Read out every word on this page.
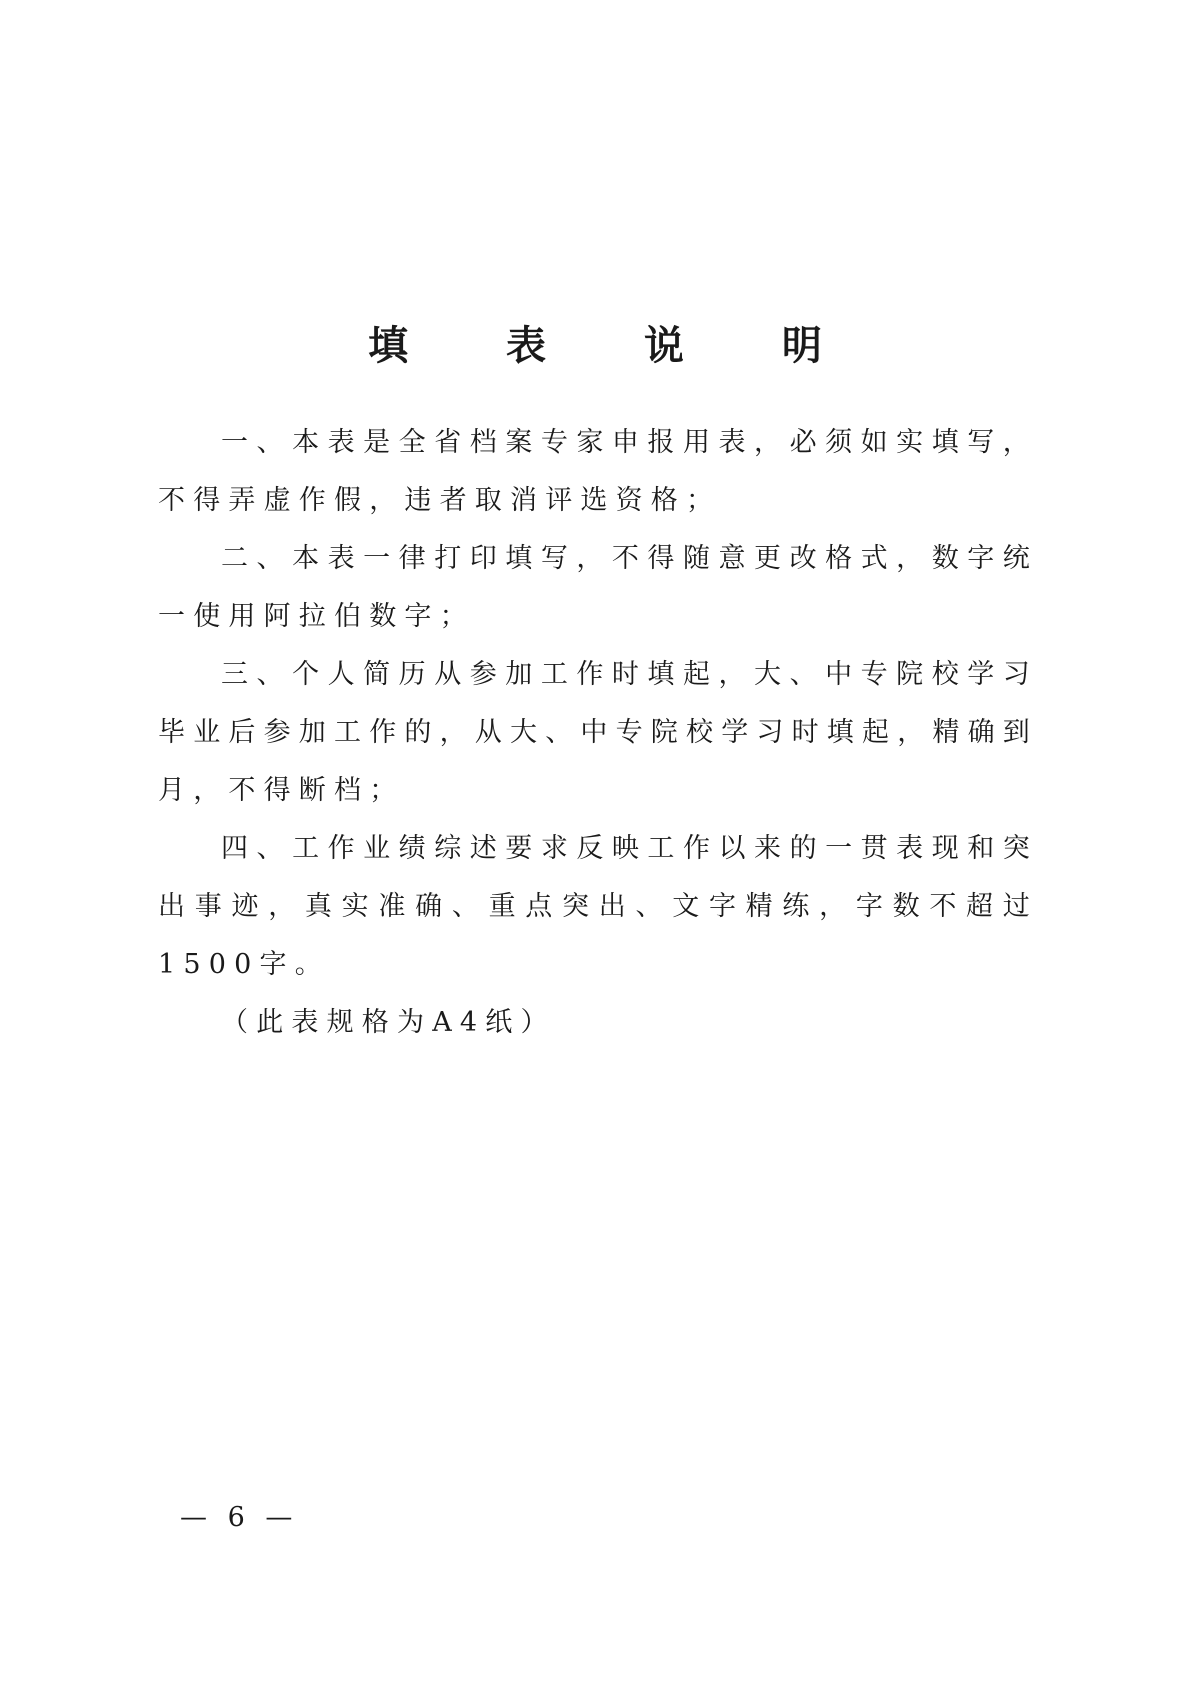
填 表 说 明

一、本表是全省档案专家申报用表，必须如实填写，不得弄虚作假，违者取消评选资格；

二、本表一律打印填写，不得随意更改格式，数字统一使用阿拉伯数字；

三、个人简历从参加工作时填起，大、中专院校学习毕业后参加工作的，从大、中专院校学习时填起，精确到月，不得断档；

四、工作业绩综述要求反映工作以来的一贯表现和突出事迹，真实准确、重点突出、文字精练，字数不超过1500字。

（此表规格为A4纸）

— 6 —
